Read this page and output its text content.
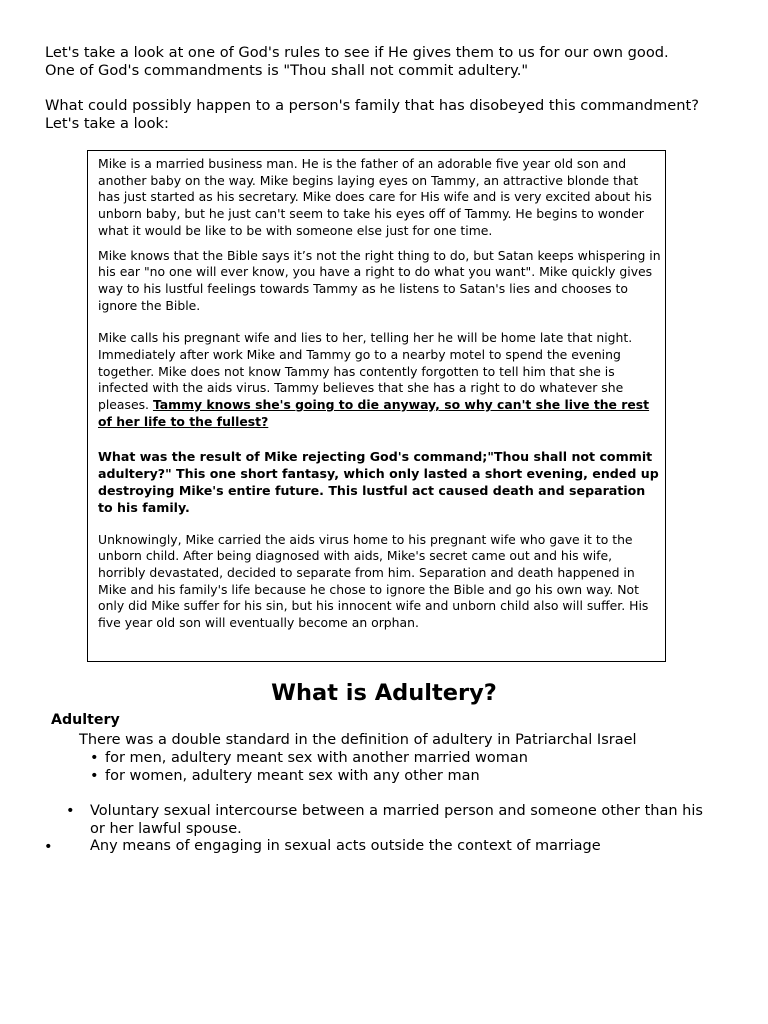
Let's take a look at one of God's rules to see if He gives them to us for our own good.

One of God's commandments is "Thou shall not commit adultery."

What could possibly happen to a person's family that has disobeyed this commandment?

Let's take a look:

Mike is a married business man. He is the father of an adorable five year old son and another baby on the way. Mike begins laying eyes on Tammy, an attractive blonde that has just started as his secretary. Mike does care for His wife and is very excited about his unborn baby, but he just can't seem to take his eyes off of Tammy. He begins to wonder what it would be like to be with someone else just for one time.

Mike knows that the Bible says it’s not the right thing to do, but Satan keeps whispering in his ear "no one will ever know, you have a right to do what you want". Mike quickly gives way to his lustful feelings towards Tammy as he listens to Satan's lies and chooses to ignore the Bible.

Mike calls his pregnant wife and lies to her, telling her he will be home late that night. Immediately after work Mike and Tammy go to a nearby motel to spend the evening together. Mike does not know Tammy has contently forgotten to tell him that she is infected with the aids virus. Tammy believes that she has a right to do whatever she pleases. Tammy knows she's going to die anyway, so why can't she live the rest of her life to the fullest?

What was the result of Mike rejecting God's command;"Thou shall not commit adultery?" This one short fantasy, which only lasted a short evening, ended up destroying Mike's entire future. This lustful act caused death and separation to his family.

Unknowingly, Mike carried the aids virus home to his pregnant wife who gave it to the unborn child. After being diagnosed with aids, Mike's secret came out and his wife, horribly devastated, decided to separate from him. Separation and death happened in Mike and his family's life because he chose to ignore the Bible and go his own way. Not only did Mike suffer for his sin, but his innocent wife and unborn child also will suffer. His five year old son will eventually become an orphan.

What is Adultery?
Adultery
There was a double standard in the definition of adultery in Patriarchal Israel
• for men, adultery meant sex with another married woman
• for women, adultery meant sex with any other man
• Voluntary sexual intercourse between a married person and someone other than his or her lawful spouse.
•	Any means of engaging in sexual acts outside the context of marriage
